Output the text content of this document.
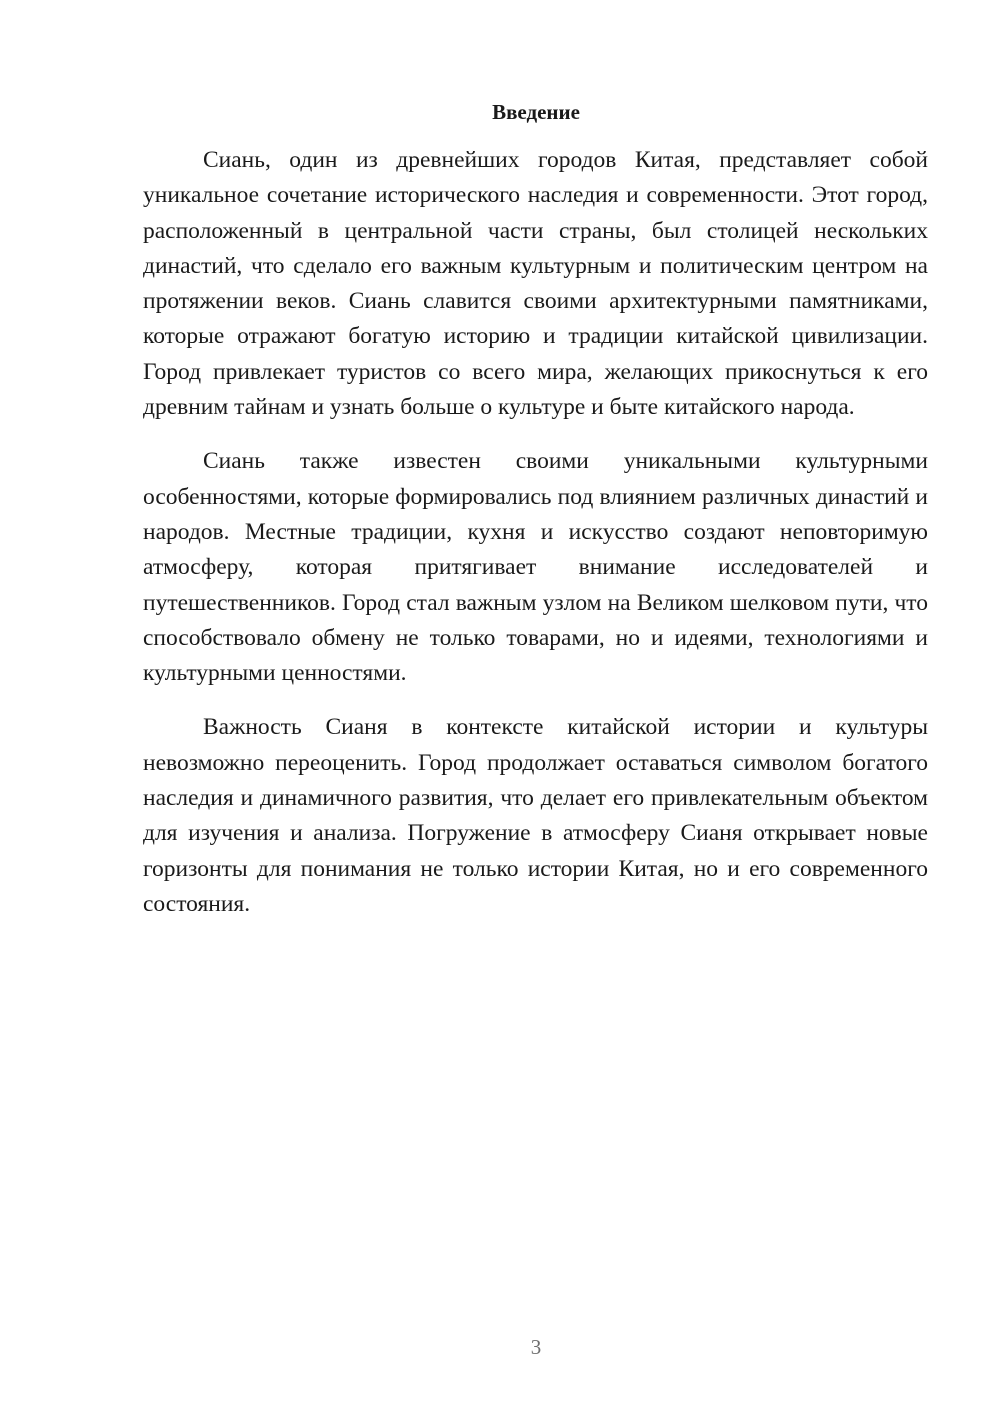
Введение

Сиань, один из древнейших городов Китая, представляет собой уникальное сочетание исторического наследия и современности. Этот город, расположенный в центральной части страны, был столицей нескольких династий, что сделало его важным культурным и политическим центром на протяжении веков. Сиань славится своими архитектурными памятниками, которые отражают богатую историю и традиции китайской цивилизации. Город привлекает туристов со всего мира, желающих прикоснуться к его древним тайнам и узнать больше о культуре и быте китайского народа.

Сиань также известен своими уникальными культурными особенностями, которые формировались под влиянием различных династий и народов. Местные традиции, кухня и искусство создают неповторимую атмосферу, которая притягивает внимание исследователей и путешественников. Город стал важным узлом на Великом шелковом пути, что способствовало обмену не только товарами, но и идеями, технологиями и культурными ценностями.

Важность Сианя в контексте китайской истории и культуры невозможно переоценить. Город продолжает оставаться символом богатого наследия и динамичного развития, что делает его привлекательным объектом для изучения и анализа. Погружение в атмосферу Сианя открывает новые горизонты для понимания не только истории Китая, но и его современного состояния.

3
